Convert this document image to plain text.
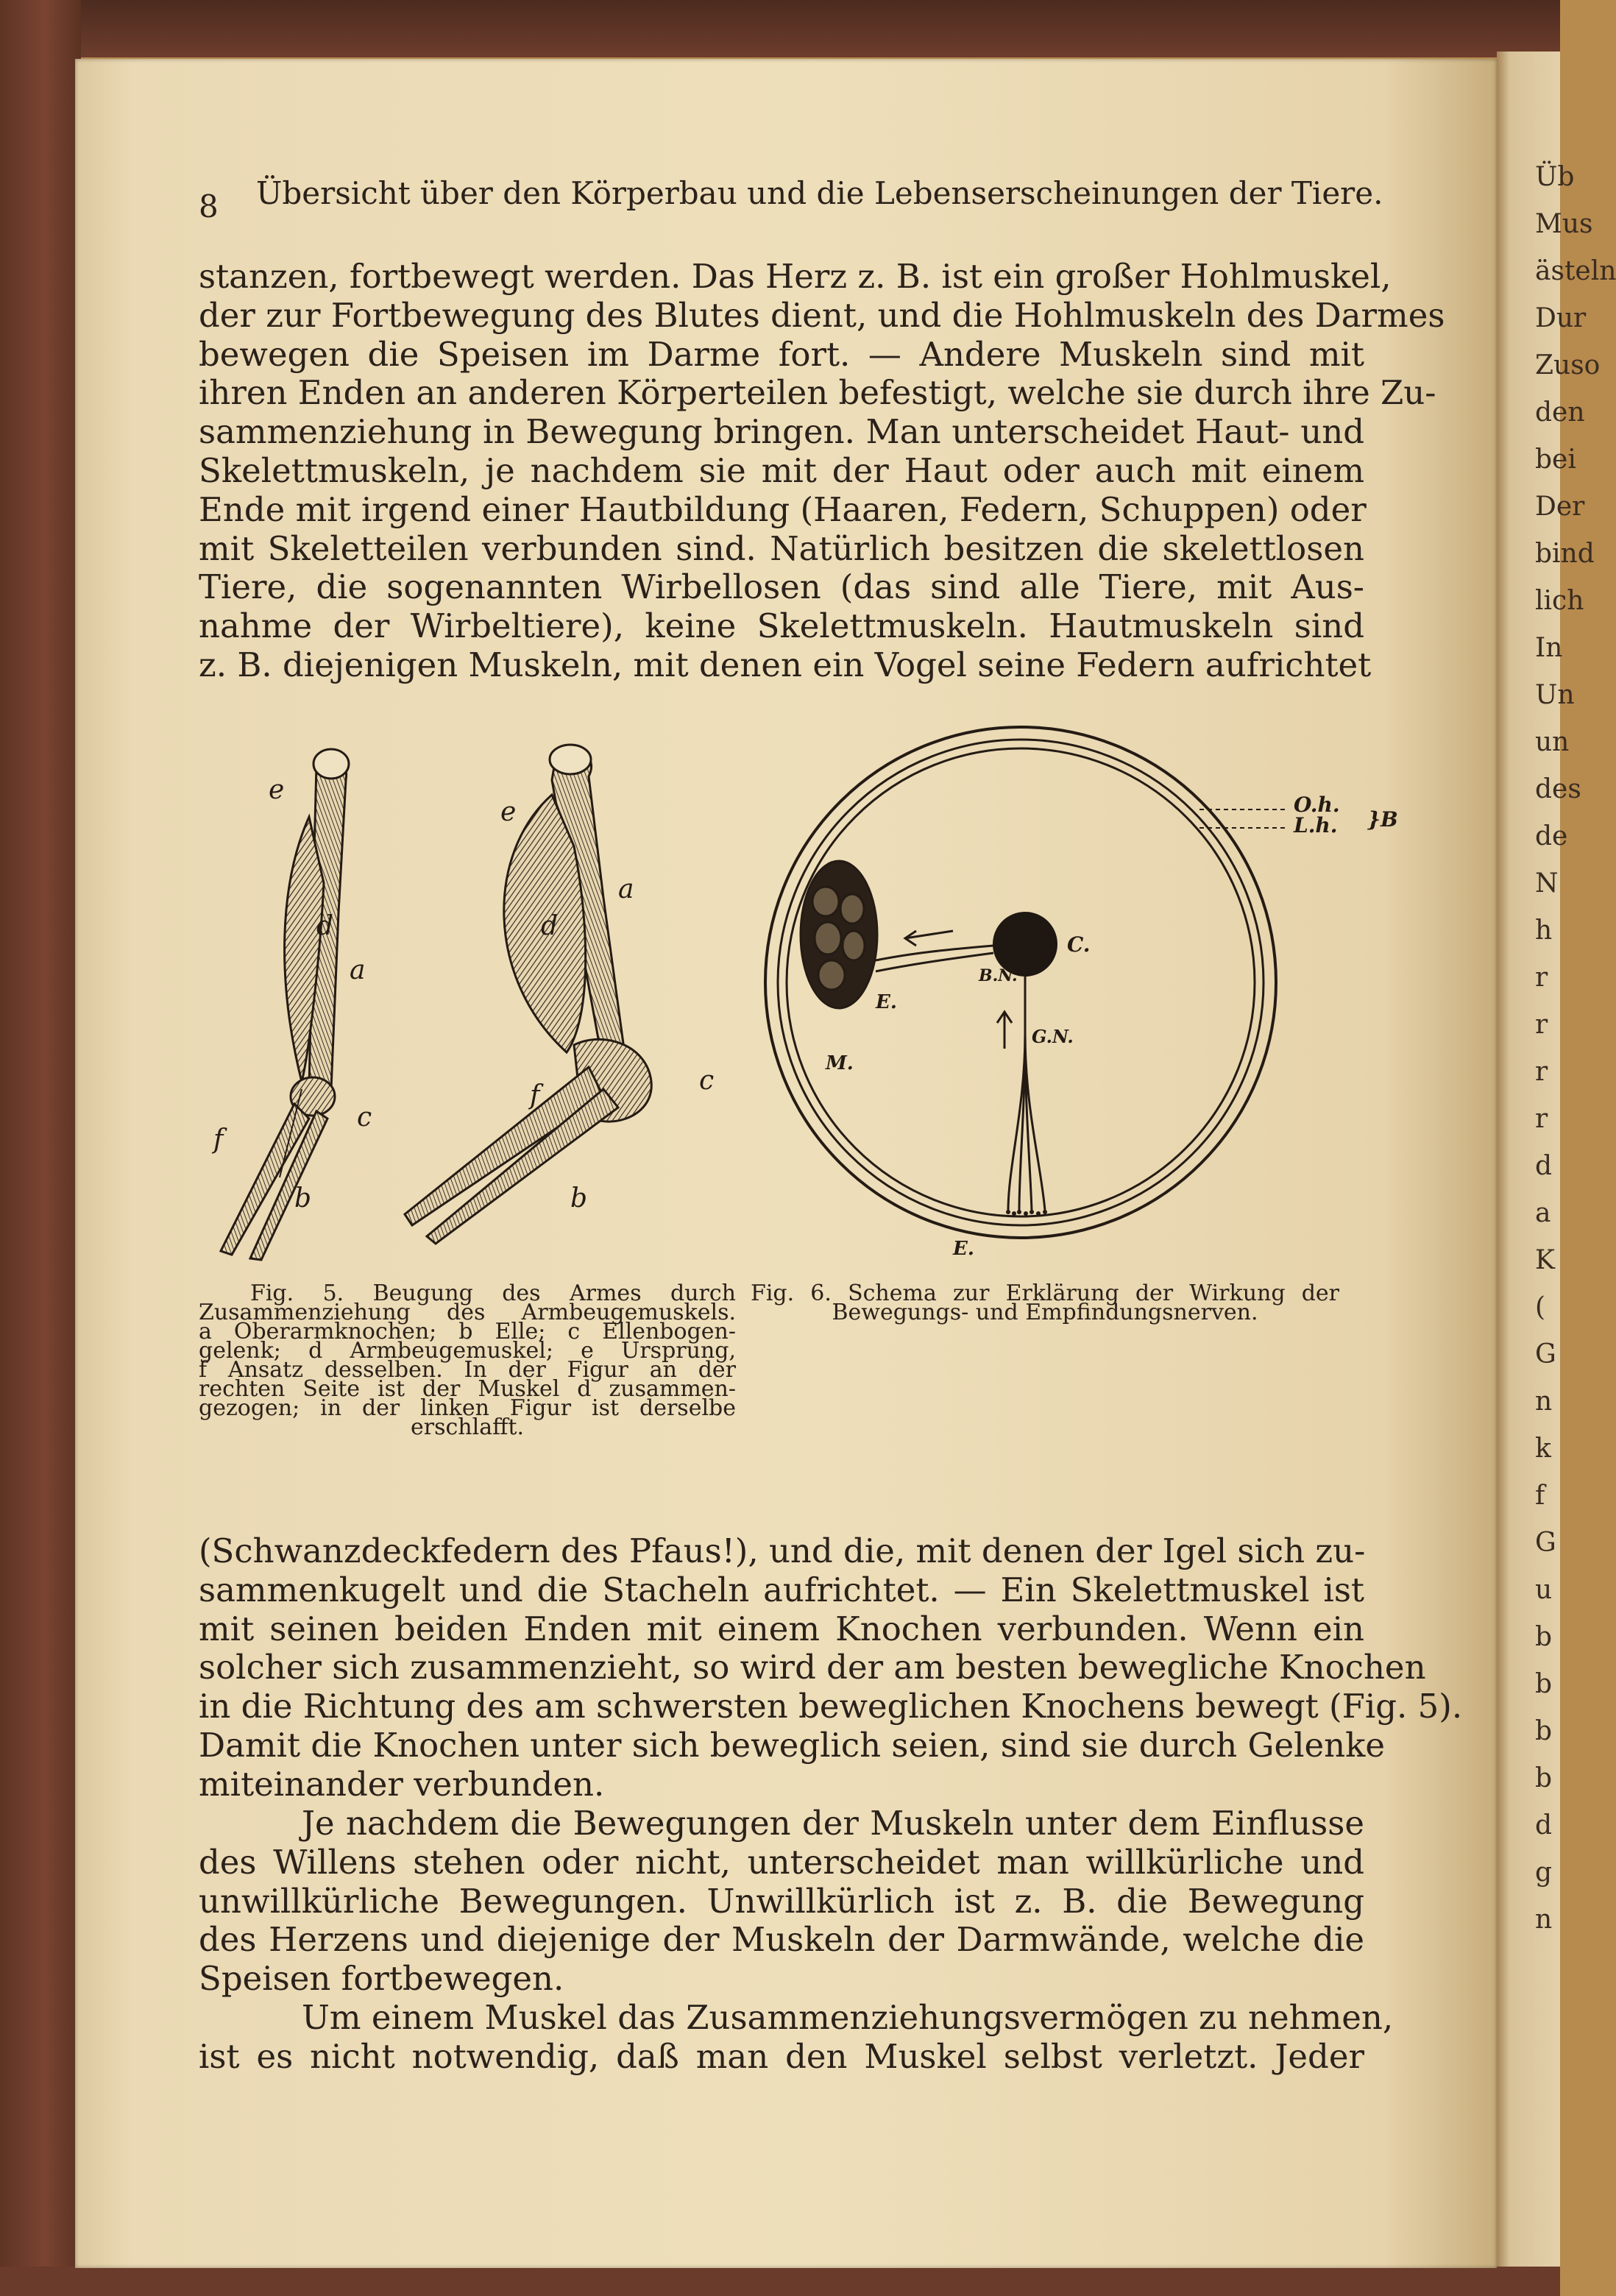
Üb
Mus
ästeln
Dur
Zuso
den
bei
Der
bind
lich
In
Un
un
des
de
N
h
r
r
r
r
d
a
K
(
G
n
k
f
G
u
b
b
b
b
d
g
n
8 Übersicht über den Körperbau und die Lebenserscheinungen der Tiere.
stanzen, fortbewegt werden. Das Herz z. B. ist ein großer Hohlmuskel,
der zur Fortbewegung des Blutes dient, und die Hohlmuskeln des Darmes
bewegen die Speisen im Darme fort. — Andere Muskeln sind mit
ihren Enden an anderen Körperteilen befestigt, welche sie durch ihre Zu-
sammenziehung in Bewegung bringen. Man unterscheidet Haut- und
Skelettmuskeln, je nachdem sie mit der Haut oder auch mit einem
Ende mit irgend einer Hautbildung (Haaren, Federn, Schuppen) oder
mit Skeletteilen verbunden sind. Natürlich besitzen die skelettlosen
Tiere, die sogenannten Wirbellosen (das sind alle Tiere, mit Aus-
nahme der Wirbeltiere), keine Skelettmuskeln. Hautmuskeln sind
z. B. diejenigen Muskeln, mit denen ein Vogel seine Federn aufrichtet
e
d
a
f
c
b
e
d
a
f	c
b
O.h.
L.h. }B
C.
B.N.
G.N.
E.
M.
E.
Fig. 5. Beugung des Armes durch
Zusammenziehung des Armbeugemuskels.
a Oberarmknochen; b Elle; c Ellenbogen-
gelenk; d Armbeugemuskel; e Ursprung,
f Ansatz desselben. In der Figur an der
rechten Seite ist der Muskel d zusammen-
gezogen; in der linken Figur ist derselbe
erschlafft.
Fig. 6. Schema zur Erklärung der Wirkung der
Bewegungs- und Empfindungsnerven.
(Schwanzdeckfedern des Pfaus!), und die, mit denen der Igel sich zu-
sammenkugelt und die Stacheln aufrichtet. — Ein Skelettmuskel ist
mit seinen beiden Enden mit einem Knochen verbunden. Wenn ein
solcher sich zusammenzieht, so wird der am besten bewegliche Knochen
in die Richtung des am schwersten beweglichen Knochens bewegt (Fig. 5).
Damit die Knochen unter sich beweglich seien, sind sie durch Gelenke
miteinander verbunden.
Je nachdem die Bewegungen der Muskeln unter dem Einflusse
des Willens stehen oder nicht, unterscheidet man willkürliche und
unwillkürliche Bewegungen. Unwillkürlich ist z. B. die Bewegung
des Herzens und diejenige der Muskeln der Darmwände, welche die
Speisen fortbewegen.
Um einem Muskel das Zusammenziehungsvermögen zu nehmen,
ist es nicht notwendig, daß man den Muskel selbst verletzt. Jeder
